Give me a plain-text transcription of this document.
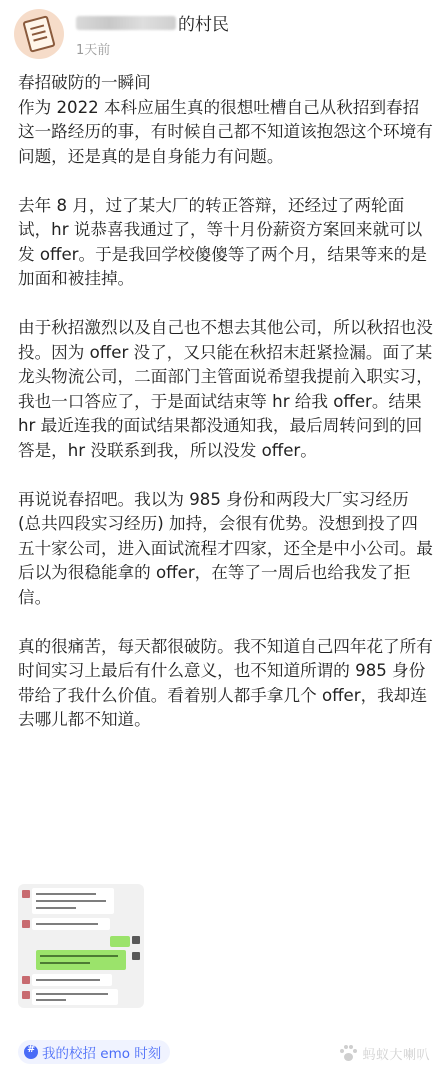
的村民
1天前

春招破防的一瞬间
作为 2022 本科应届生真的很想吐槽自己从秋招到春招这一路经历的事，有时候自己都不知道该抱怨这个环境有问题，还是真的是自身能力有问题。

去年 8 月，过了某大厂的转正答辩，还经过了两轮面试，hr 说恭喜我通过了，等十月份薪资方案回来就可以发 offer。于是我回学校傻傻等了两个月，结果等来的是加面和被挂掉。

由于秋招激烈以及自己也不想去其他公司，所以秋招也没投。因为 offer 没了，又只能在秋招末赶紧捡漏。面了某龙头物流公司，二面部门主管面说希望我提前入职实习，我也一口答应了，于是面试结束等 hr 给我 offer。结果 hr 最近连我的面试结果都没通知我，最后周转问到的回答是，hr 没联系到我，所以没发 offer。

再说说春招吧。我以为 985 身份和两段大厂实习经历 (总共四段实习经历) 加持，会很有优势。没想到投了四五十家公司，进入面试流程才四家，还全是中小公司。最后以为很稳能拿的 offer，在等了一周后也给我发了拒信。

真的很痛苦，每天都很破防。我不知道自己四年花了所有时间实习上最后有什么意义，也不知道所谓的 985 身份带给了我什么价值。看着别人都手拿几个 offer，我却连去哪儿都不知道。

#
我的校招 emo 时刻	蚂蚁大喇叭
